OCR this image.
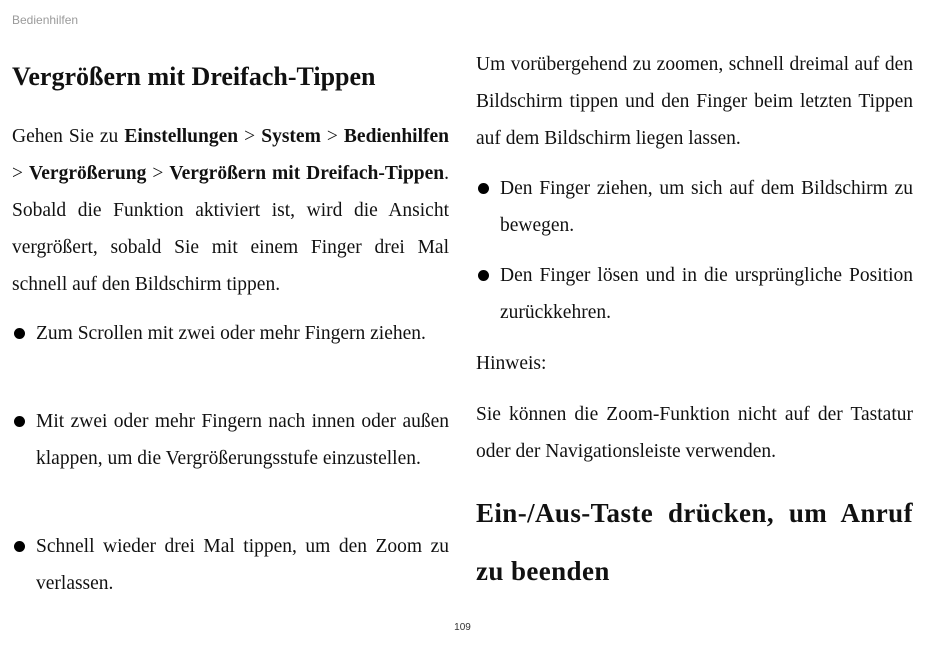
Bedienhilfen
Vergrößern mit Dreifach-Tippen

Gehen Sie zu Einstellungen > System > Bedienhilfen > Vergrößerung > Vergrößern mit Dreifach-Tippen. Sobald die Funktion aktiviert ist, wird die Ansicht vergrößert, sobald Sie mit einem Finger drei Mal schnell auf den Bildschirm tippen.

Zum Scrollen mit zwei oder mehr Fingern ziehen.

Mit zwei oder mehr Fingern nach innen oder außen klappen, um die Vergrößerungsstufe einzustellen.

Schnell wieder drei Mal tippen, um den Zoom zu verlassen.

Um vorübergehend zu zoomen, schnell dreimal auf den Bildschirm tippen und den Finger beim letzten Tippen auf dem Bildschirm liegen lassen.

Den Finger ziehen, um sich auf dem Bildschirm zu bewegen.

Den Finger lösen und in die ursprüngliche Position zurückkehren.

Hinweis:

Sie können die Zoom-Funktion nicht auf der Tastatur oder der Navigationsleiste verwenden.

Ein-/Aus-Taste drücken, um Anruf zu beenden
109
